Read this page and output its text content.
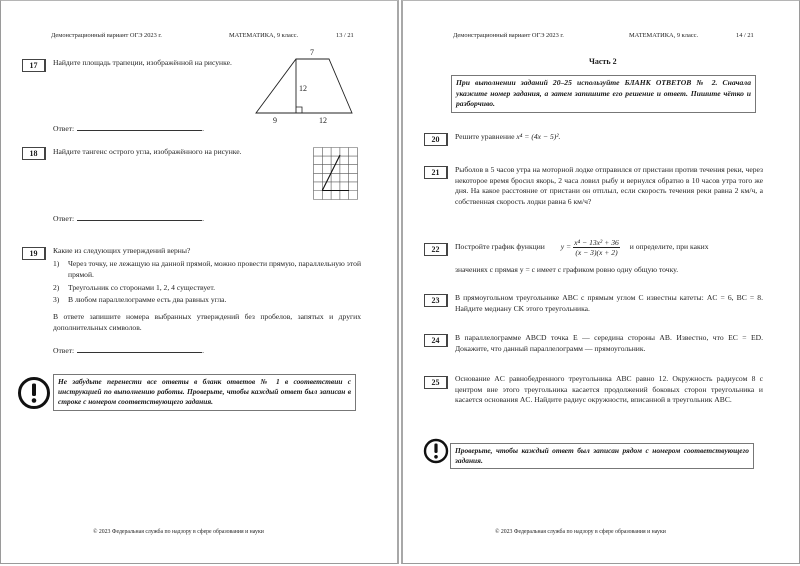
Демонстрационный вариант ОГЭ 2023 г.	МАТЕМАТИКА, 9 класс.	13 / 21
17	Найдите площадь трапеции, изображённой на рисунке.
7
12
9	12
Ответ:	.
18	Найдите тангенс острого угла, изображённого на рисунке.
Ответ:	.
19	Какие из следующих утверждений верны?
1) Через точку, не лежащую на данной прямой, можно провести прямую, параллельную этой прямой.
2) Треугольник со сторонами 1, 2, 4 существует.
3) В любом параллелограмме есть два равных угла.
В ответе запишите номера выбранных утверждений без пробелов, запятых и других дополнительных символов.
Ответ:	.
Не забудьте перенести все ответы в бланк ответов № 1 в соответствии с инструкцией по выполнению работы. Проверьте, чтобы каждый ответ был записан в строке с номером соответствующего задания.
© 2023 Федеральная служба по надзору в сфере образования и науки
Демонстрационный вариант ОГЭ 2023 г.	МАТЕМАТИКА, 9 класс.	14 / 21
Часть 2
При выполнении заданий 20–25 используйте БЛАНК ОТВЕТОВ № 2. Сначала укажите номер задания, а затем запишите его решение и ответ. Пишите чётко и разборчиво.
20	Решите уравнение x⁴ = (4x − 5)².
21	Рыболов в 5 часов утра на моторной лодке отправился от пристани против течения реки, через некоторое время бросил якорь, 2 часа ловил рыбу и вернулся обратно в 10 часов утра того же дня. На какое расстояние от пристани он отплыл, если скорость течения реки равна 2 км/ч, а собственная скорость лодки равна 6 км/ч?
22	Постройте график функции $y = \frac{\text{x⁴ − 13x² + 36}}{(x - 3)(x + 2)}$ и определите, при каких
значениях c прямая y = c имеет с графиком ровно одну общую точку.
23	В прямоугольном треугольнике ABC с прямым углом C известны катеты: AC = 6, BC = 8. Найдите медиану CK этого треугольника.
24	В параллелограмме ABCD точка E — середина стороны AB. Известно, что EC = ED. Докажите, что данный параллелограмм — прямоугольник.
25	Основание AC равнобедренного треугольника ABC равно 12. Окружность радиусом 8 с центром вне этого треугольника касается продолжений боковых сторон треугольника и касается основания AC. Найдите радиус окружности, вписанной в треугольник ABC.
Проверьте, чтобы каждый ответ был записан рядом с номером соответствующего задания.
© 2023 Федеральная служба по надзору в сфере образования и науки
